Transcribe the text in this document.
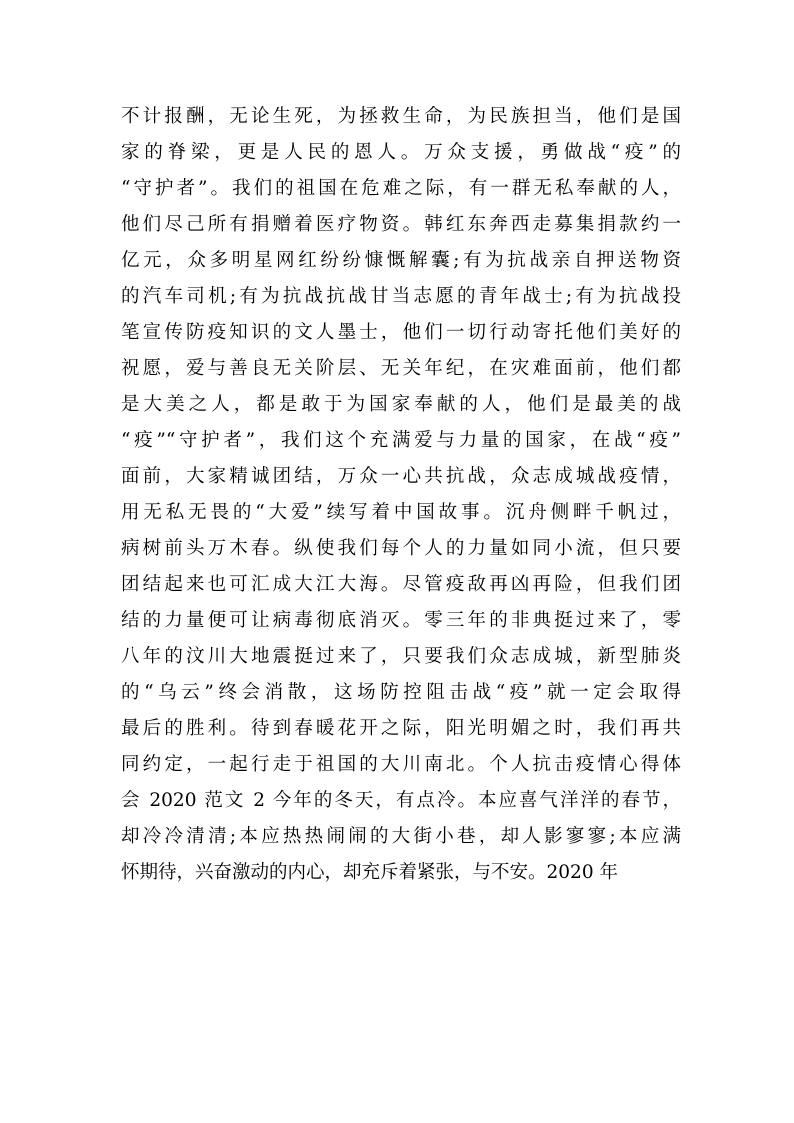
不计报酬，无论生死，为拯救生命，为民族担当，他们是国
家的脊梁，更是人民的恩人。万众支援，勇做战“疫”的
“守护者”。我们的祖国在危难之际，有一群无私奉献的人，
他们尽己所有捐赠着医疗物资。韩红东奔西走募集捐款约一
亿元，众多明星网红纷纷慷慨解囊;有为抗战亲自押送物资
的汽车司机;有为抗战抗战甘当志愿的青年战士;有为抗战投
笔宣传防疫知识的文人墨士，他们一切行动寄托他们美好的
祝愿，爱与善良无关阶层、无关年纪，在灾难面前，他们都
是大美之人，都是敢于为国家奉献的人，他们是最美的战
“疫”“守护者”，我们这个充满爱与力量的国家，在战“疫”
面前，大家精诚团结，万众一心共抗战，众志成城战疫情，
用无私无畏的“大爱”续写着中国故事。沉舟侧畔千帆过，
病树前头万木春。纵使我们每个人的力量如同小流，但只要
团结起来也可汇成大江大海。尽管疫敌再凶再险，但我们团
结的力量便可让病毒彻底消灭。零三年的非典挺过来了，零
八年的汶川大地震挺过来了，只要我们众志成城，新型肺炎
的“乌云”终会消散，这场防控阻击战“疫”就一定会取得
最后的胜利。待到春暖花开之际，阳光明媚之时，我们再共
同约定，一起行走于祖国的大川南北。个人抗击疫情心得体
会 2020 范文 2 今年的冬天，有点冷。本应喜气洋洋的春节，
却冷冷清清;本应热热闹闹的大街小巷，却人影寥寥;本应满
怀期待，兴奋激动的内心，却充斥着紧张，与不安。2020 年
